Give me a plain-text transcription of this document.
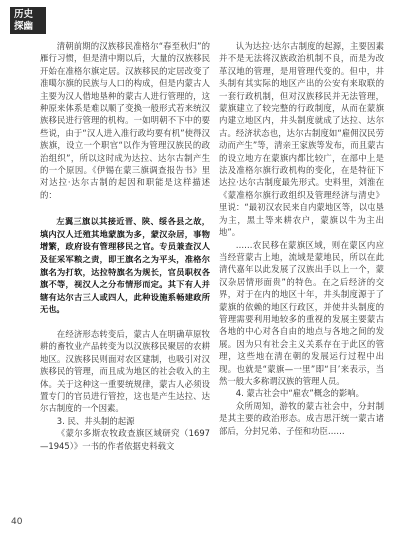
历史
探幽

清朝前期的汉族移民准格尔“春至秋归”的雁行习惯，但是清中期以后，大量的汉族移民开始在准格尔旗定居。汉族移民的定居改变了准噶尔旗的民族与人口的构成，但是内蒙古人主要为汉人借地垦种的蒙古人进行管理的，这种原来体系是难以顺了变换一般形式若来统汉族移民进行管理的机构。一如明朝不下中的要些说，由于“汉人进入准行政均要有机”使得汉族旗，设立一个职官“以作为管理汉族民的政治组织”，所以这时成为达拉、达尔古制产生的一个原因。《伊锡在蒙三旗调查报告书》里对达拉·达尔古制的起因和职能是这样描述的：

左翼三旗以其接近晋、陕、绥各县之故，填内汉人迁殖其地蒙旗为多，蒙汉杂居，事物增繁，政府设有管理移民之官。专员兼查汉人及征采军粮之责，即王旗名之为平头，准格尔旗名为打软，达拉特旗名为规长，官员职权各旗不等，视汉人之分布情形而定。其下有人并辖有达尔古三人或四人，此种设施系畅建政所无也。

在经济形态转变后，蒙古人在明确草原牧耕的畜牧业产品转变为以汉族移民聚居的农耕地区。汉族移民则面对农区建制，也吸引对汉族移民的管理，而且成为地区的社会收入的主体。关于这种这一重要统规律，蒙古人必须设置专门的官员进行管控，这也是产生达拉、达尔古制度的一个因素。

3. 民、井头制的起源

《蒙尔多斯农牧政查旗区域研究（1697—1945）》一书的作者依据史料载文

认为达拉·达尔古制度的起源，主要因素并不是无法将汉族政治机制不良，而是为改革汉地的管理，是用管理代变的。但中，井头制有其实际的地区产出的公安有来取联的一套行政机制，但对汉族移民并无法管理，蒙旗建立了较完整的行政制度，从而在蒙旗内建立地区内，井头制度就成了达拉、达尔古。经济状态也，达尔古制度如“雇佣汉民劳动而产生”等，清亲王家族等发布，而且蒙古的设立地方在蒙旗内都比较广，在部中上是法及准格尔旗行政机构的变化，在是特征下达拉·达尔古制度最先形式。史料里，刘淮在《蒙准格尔旗行政组织及管理经济与清史》里说：“最初汉农民来自内蒙地区等，以屯垦为主，黑土等来耕农户，蒙旗以牛为主出地”。

……农民移在蒙旗区域，则在蒙区内应当经营蒙古上地，流域是蒙地民，所以在此清代嘉年以此发展了汉族出手以上一个，蒙汉杂居情形面贵”的特色。在之后经济的交界，对于在内的地区十年，井头制度源于了蒙旗的依赖的地区行政区，并使井头制度的管理需要利用地较多的重视的发展主要蒙古各地的中心对各自由的地点与各地之间的发展。因为只有社会主义关系存在于此区的管理，这些地在清在朝的发展运行过程中出现。也就是“蒙旗—一里”即“目’来表示，当然一般大多称谓汉族的管理人员。

4. 蒙古社会中“雇农”概念的影响。

众所周知，游牧的蒙古社会中，分封制是其主要的政治形态。成吉思汗统一蒙古诸部后，分封兄弟、子侄和功臣……

40
